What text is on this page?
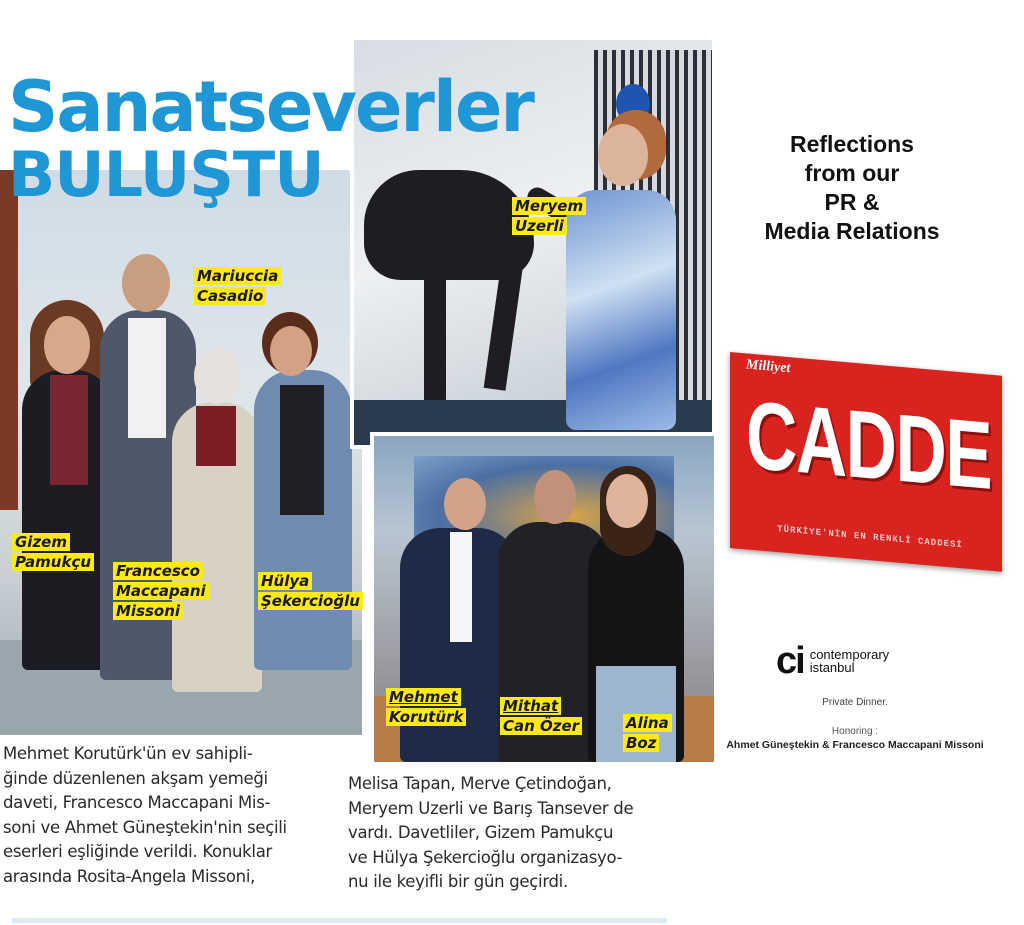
Sanatseverler
BULUŞTU
Mariuccia
Casadio
Gizem
Pamukçu Francesco
Maccapani
Missoni
Hülya
Şekercioğlu
Meryem
Uzerli
Mehmet
Korutürk
Mithat
Can Özer	Alina
Boz
Mehmet Korutürk'ün ev sahipli-
ğinde düzenlenen akşam yemeği
daveti, Francesco Maccapani Mis-
soni ve Ahmet Güneştekin'nin seçili
eserleri eşliğinde verildi. Konuklar
arasında Rosita-Angela Missoni,
Melisa Tapan, Merve Çetindoğan,
Meryem Uzerli ve Barış Tansever de
vardı. Davetliler, Gizem Pamukçu
ve Hülya Şekercioğlu organizasyo-
nu ile keyifli bir gün geçirdi.
Reflections
from our
PR &
Media Relations
Milliyet
CADDE
TÜRKİYE'NİN EN RENKLİ CADDESİ
ci contemporary
istanbul
Private Dinner.
Honoring :
Ahmet Güneştekin & Francesco Maccapani Missoni
